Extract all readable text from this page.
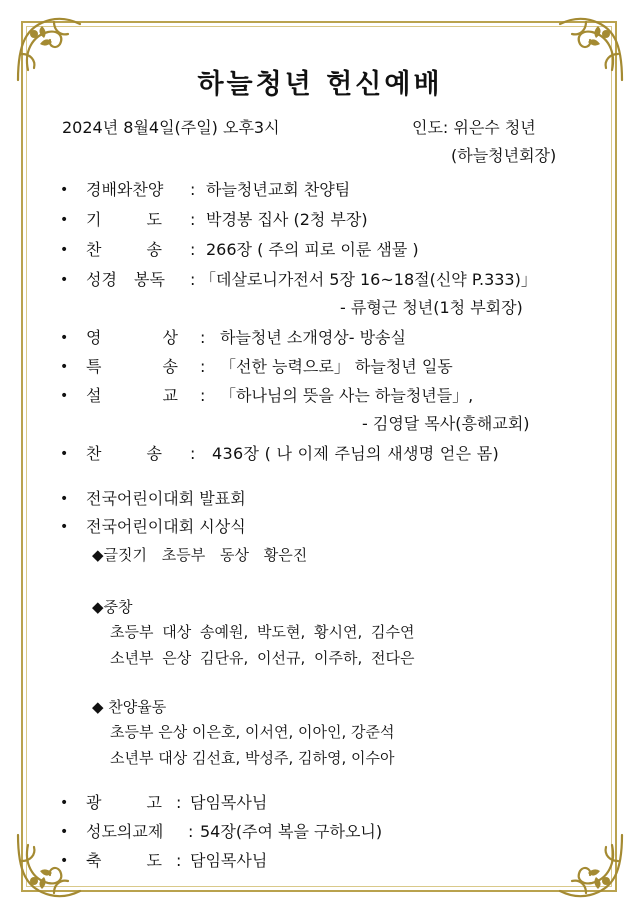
하늘청년 헌신예배
2024년 8월4일(주일) 오후3시	인도: 위은수 청년
(하늘청년회장)
• 경배와찬양 : 하늘청년교회 찬양팀
• 기 도 : 박경봉 집사 (2청 부장)
• 찬 송 : 266장 ( 주의 피로 이룬 샘물 )
• 성경 봉독 : 「데살로니가전서 5장 16~18절(신약 P.333)」
- 류형근 청년(1청 부회장)
• 영 상 : 하늘청년 소개영상- 방송실
• 특 송 : 「선한 능력으로」 하늘청년 일동
• 설 교 : 「하나님의 뜻을 사는 하늘청년들」,
- 김영달 목사(흥해교회)
• 찬 송 : 436장 ( 나 이제 주님의 새생명 얻은 몸)
• 전국어린이대회 발표회
• 전국어린이대회 시상식
◆글짓기 초등부 동상 황은진
◆중창
초등부 대상 송예원, 박도현, 황시연, 김수연
소년부 은상 김단유, 이선규, 이주하, 전다은
◆ 찬양율동
초등부 은상 이은호, 이서연, 이아인, 강준석
소년부 대상 김선효, 박성주, 김하영, 이수아
• 광 고 : 담임목사님
• 성도의교제 : 54장(주여 복을 구하오니)
• 축 도 : 담임목사님
